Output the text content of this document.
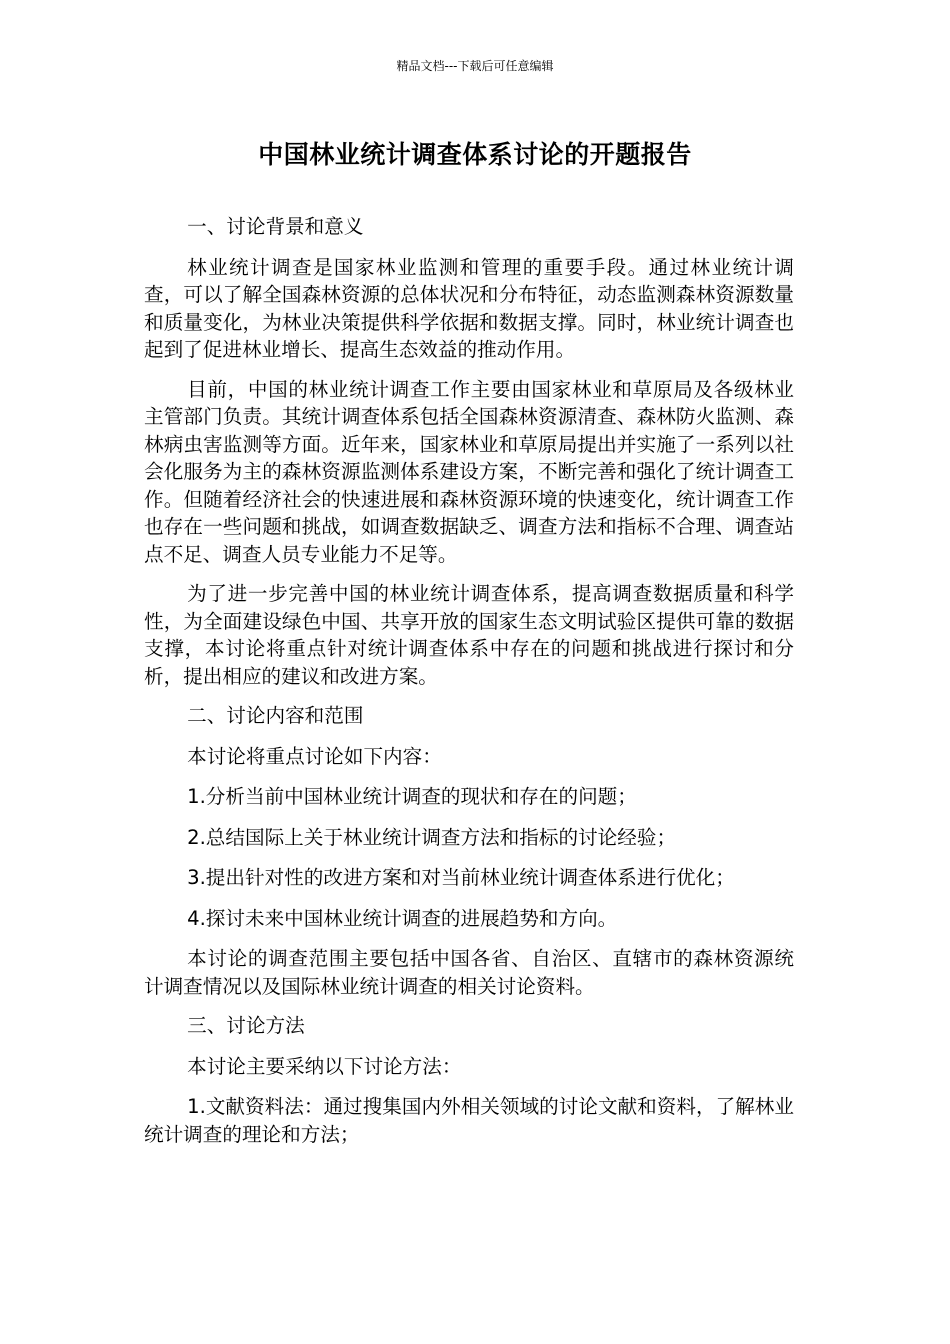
精品文档---下载后可任意编辑
中国林业统计调查体系讨论的开题报告

一、讨论背景和意义

林业统计调查是国家林业监测和管理的重要手段。通过林业统计调查，可以了解全国森林资源的总体状况和分布特征，动态监测森林资源数量和质量变化，为林业决策提供科学依据和数据支撑。同时，林业统计调查也起到了促进林业增长、提高生态效益的推动作用。

目前，中国的林业统计调查工作主要由国家林业和草原局及各级林业主管部门负责。其统计调查体系包括全国森林资源清查、森林防火监测、森林病虫害监测等方面。近年来，国家林业和草原局提出并实施了一系列以社会化服务为主的森林资源监测体系建设方案，不断完善和强化了统计调查工作。但随着经济社会的快速进展和森林资源环境的快速变化，统计调查工作也存在一些问题和挑战，如调查数据缺乏、调查方法和指标不合理、调查站点不足、调查人员专业能力不足等。

为了进一步完善中国的林业统计调查体系，提高调查数据质量和科学性，为全面建设绿色中国、共享开放的国家生态文明试验区提供可靠的数据支撑，本讨论将重点针对统计调查体系中存在的问题和挑战进行探讨和分析，提出相应的建议和改进方案。

二、讨论内容和范围

本讨论将重点讨论如下内容：

1.分析当前中国林业统计调查的现状和存在的问题；

2.总结国际上关于林业统计调查方法和指标的讨论经验；

3.提出针对性的改进方案和对当前林业统计调查体系进行优化；

4.探讨未来中国林业统计调查的进展趋势和方向。

本讨论的调查范围主要包括中国各省、自治区、直辖市的森林资源统计调查情况以及国际林业统计调查的相关讨论资料。

三、讨论方法

本讨论主要采纳以下讨论方法：

1.文献资料法：通过搜集国内外相关领域的讨论文献和资料，了解林业统计调查的理论和方法；
